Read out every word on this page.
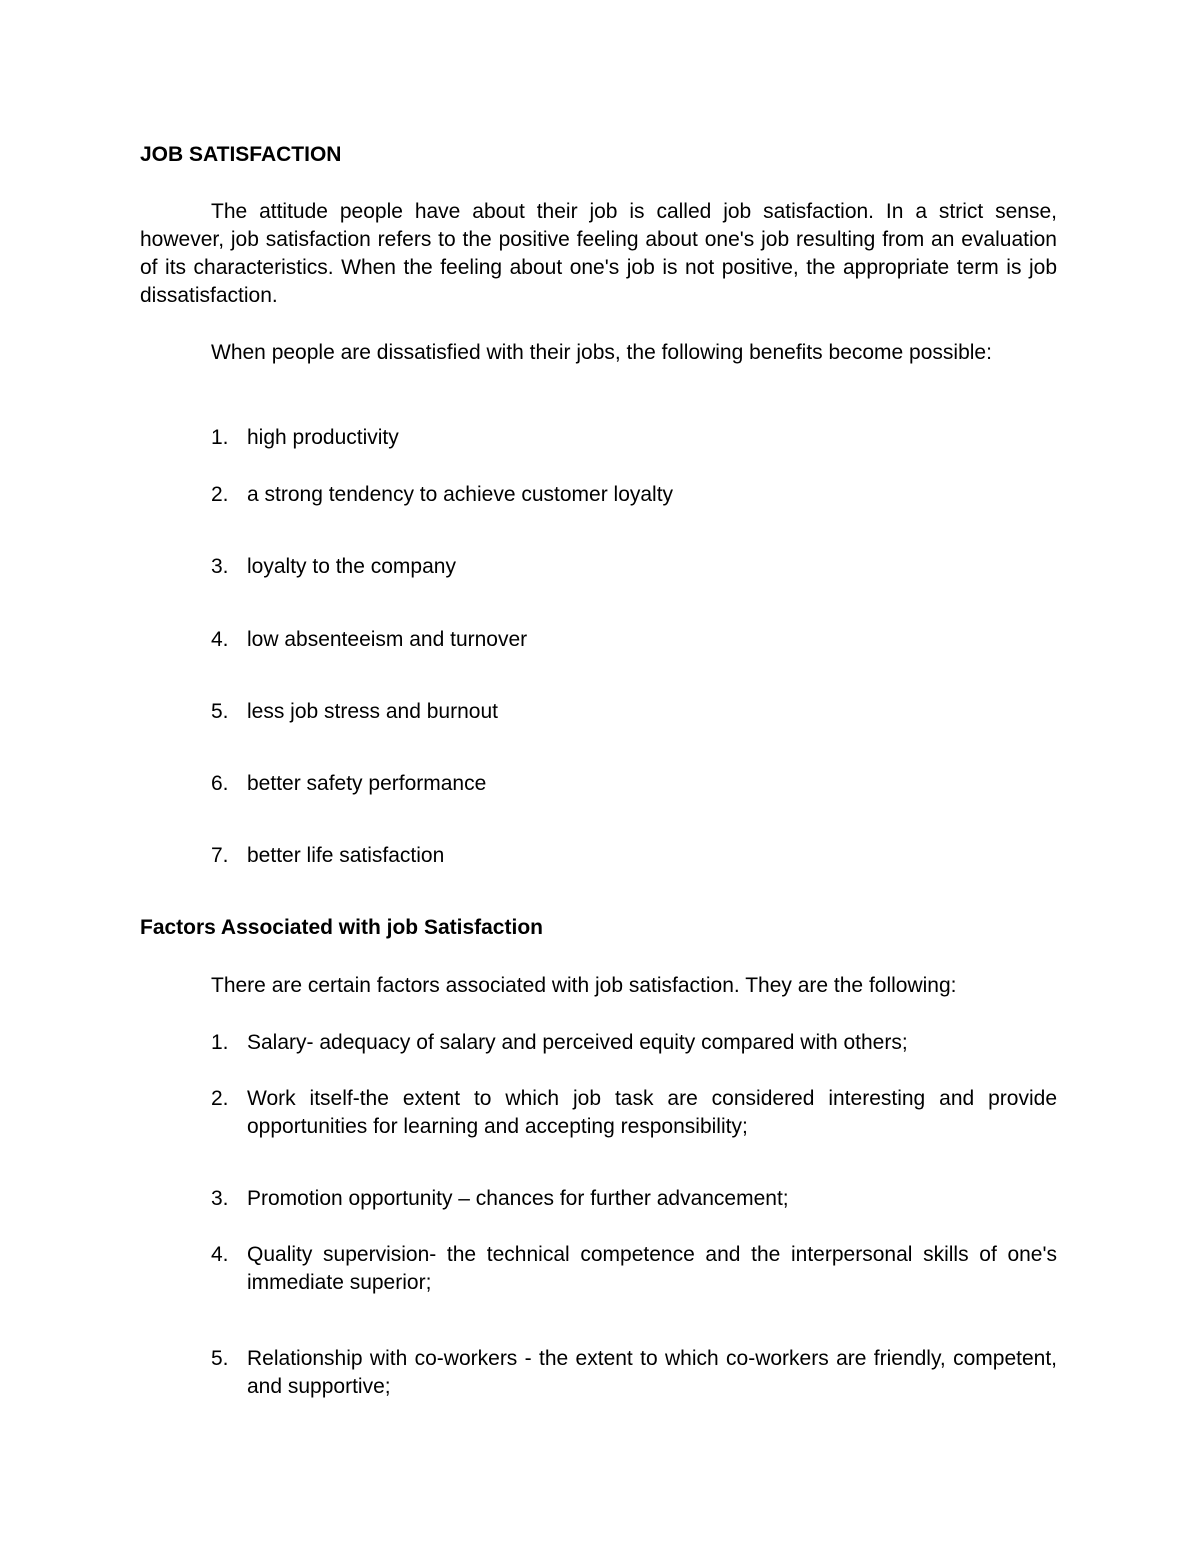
JOB SATISFACTION

The attitude people have about their job is called job satisfaction. In a strict sense, however, job satisfaction refers to the positive feeling about one's job resulting from an evaluation of its characteristics. When the feeling about one's job is not positive, the appropriate term is job dissatisfaction.

When people are dissatisfied with their jobs, the following benefits become possible:

1. high productivity
2. a strong tendency to achieve customer loyalty
3. loyalty to the company
4. low absenteeism and turnover
5. less job stress and burnout
6. better safety performance
7. better life satisfaction
Factors Associated with job Satisfaction

There are certain factors associated with job satisfaction. They are the following:

1. Salary- adequacy of salary and perceived equity compared with others;
2. Work itself-the extent to which job task are considered interesting and provide opportunities for learning and accepting responsibility;
3. Promotion opportunity – chances for further advancement;
4. Quality supervision- the technical competence and the interpersonal skills of one's immediate superior;
5. Relationship with co-workers - the extent to which co-workers are friendly, competent, and supportive;
